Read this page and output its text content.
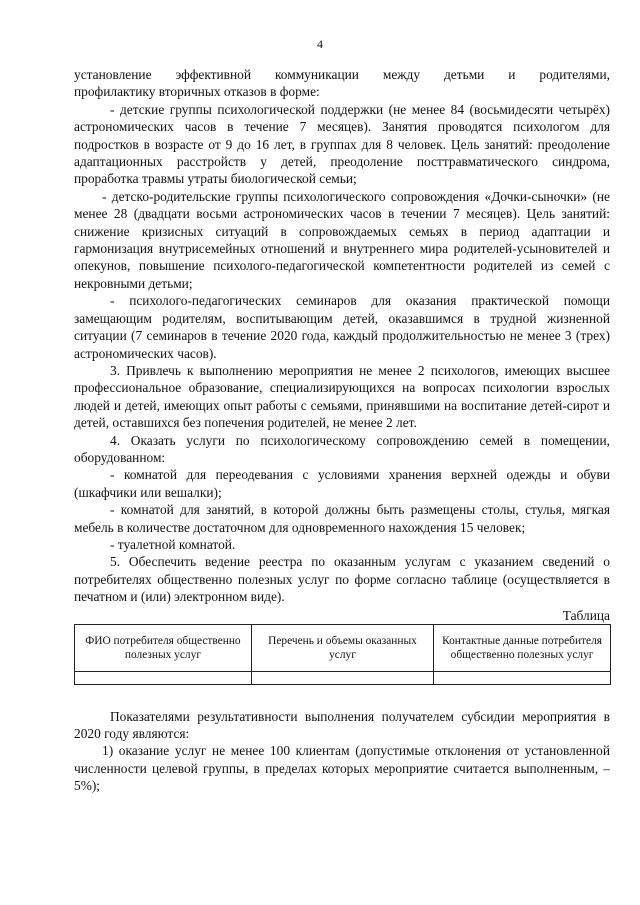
4

установление эффективной коммуникации между детьми и родителями,

профилактику вторичных отказов в форме:

- детские группы психологической поддержки (не менее 84 (восьмидесяти четырёх) астрономических часов в течение 7 месяцев). Занятия проводятся психологом для подростков в возрасте от 9 до 16 лет, в группах для 8 человек. Цель занятий: преодоление адаптационных расстройств у детей, преодоление посттравматического синдрома, проработка травмы утраты биологической семьи;

- детско-родительские группы психологического сопровождения «Дочки-сыночки» (не менее 28 (двадцати восьми астрономических часов в течении 7 месяцев). Цель занятий: снижение кризисных ситуаций в сопровождаемых семьях в период адаптации и гармонизация внутрисемейных отношений и внутреннего мира родителей-усыновителей и опекунов, повышение психолого-педагогической компетентности родителей из семей с некровными детьми;

- психолого-педагогических семинаров для оказания практической помощи замещающим родителям, воспитывающим детей, оказавшимся в трудной жизненной ситуации (7 семинаров в течение 2020 года, каждый продолжительностью не менее 3 (трех) астрономических часов).

3. Привлечь к выполнению мероприятия не менее 2 психологов, имеющих высшее профессиональное образование, специализирующихся на вопросах психологии взрослых людей и детей, имеющих опыт работы с семьями, принявшими на воспитание детей-сирот и детей, оставшихся без попечения родителей, не менее 2 лет.

4. Оказать услуги по психологическому сопровождению семей в помещении, оборудованном:

- комнатой для переодевания с условиями хранения верхней одежды и обуви (шкафчики или вешалки);

- комнатой для занятий, в которой должны быть размещены столы, стулья, мягкая мебель в количестве достаточном для одновременного нахождения 15 человек;

- туалетной комнатой.

5. Обеспечить ведение реестра по оказанным услугам с указанием сведений о потребителях общественно полезных услуг по форме согласно таблице (осуществляется в печатном и (или) электронном виде).

Таблица
ФИО потребителя общественно полезных услуг	Перечень и объемы оказанных услуг	Контактные данные потребителя общественно полезных услуг

Показателями результативности выполнения получателем субсидии мероприятия в 2020 году являются:

1) оказание услуг не менее 100 клиентам (допустимые отклонения от установленной численности целевой группы, в пределах которых мероприятие считается выполненным, – 5%);
